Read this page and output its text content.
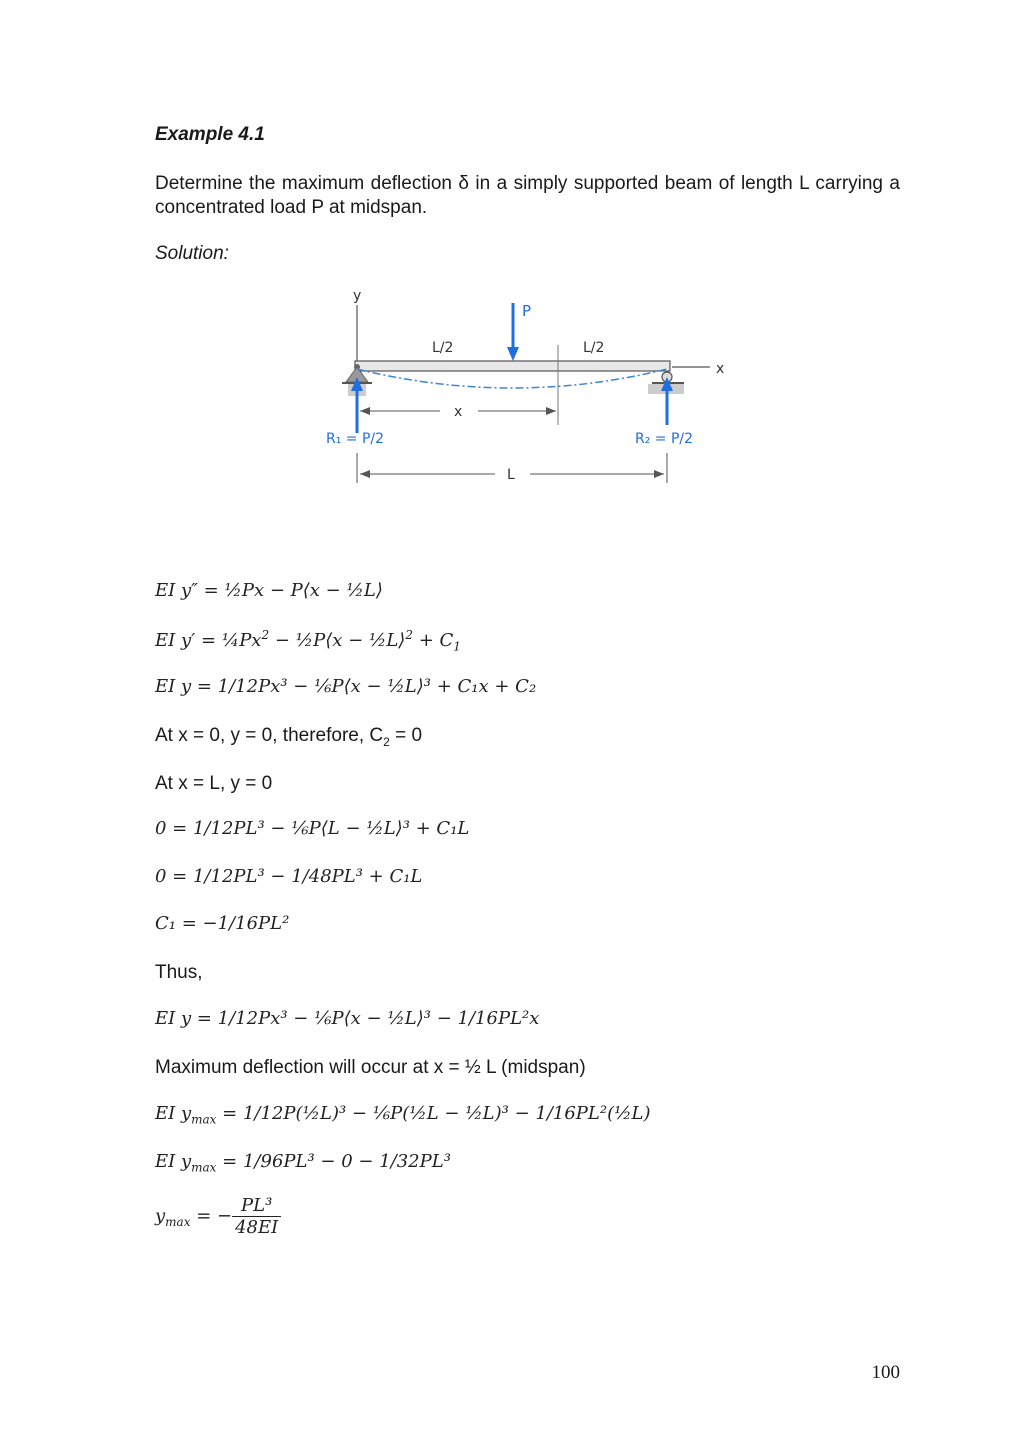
Example 4.1
Determine the maximum deflection δ in a simply supported beam of length L carrying a concentrated load P at midspan.
Solution:
y
x
P
L/2	L/2
x
R₁ = P/2	R₂ = P/2
L
EI y″ = ½Px − P⟨x − ½L⟩
EI $y' = \frac{1}{4}Px^2$ − ½P⟨x − ½L⟩$^2$ + $C_1$
EI y = 1/12Px³ − ⅙P⟨x − ½L⟩³ + C₁x + C₂
At x = 0, y = 0, therefore, $C_2 = 0$
At x = L, y = 0
0 = 1/12PL³ − ⅙P⟨L − ½L⟩³ + C₁L
0 = 1/12PL³ − 1/48PL³ + C₁L
C₁ = −1/16PL²
Thus,
EI y = 1/12Px³ − ⅙P⟨x − ½L⟩³ − 1/16PL²x
Maximum deflection will occur at x = ½ L (midspan)
EI $y_{max}$ = 1/12P(½L)³ − ⅙P(½L − ½L)³ − 1/16PL²(½L)
EI $y_{max} = 1/96PL^3 - 0 - 1/32PL^3$
$y_{max}$ = − $\frac{\text{PL³}}{48EI}$
100
